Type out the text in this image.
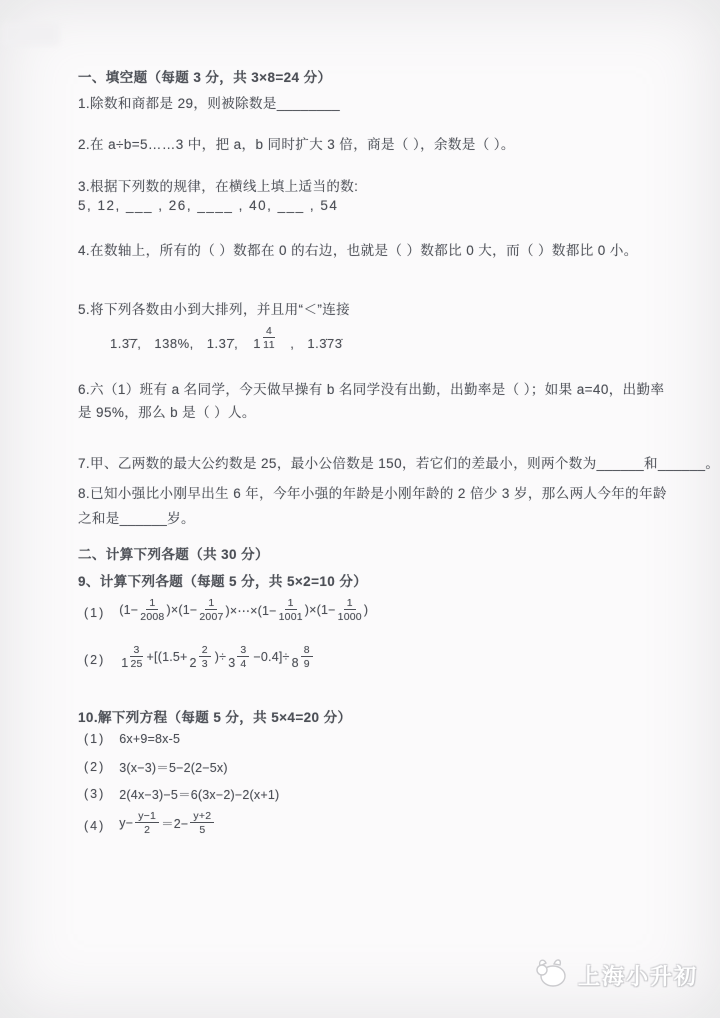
一、填空题（每题 3 分，共 3×8=24 分）
1.除数和商都是 29，则被除数是________
2.在 a÷b=5……3 中，把 a，b 同时扩大 3 倍，商是（ ），余数是（ ）。
3.根据下列数的规律，在横线上填上适当的数:
5, 12, ___ , 26, ____ , 40, ___ , 54
4.在数轴上，所有的（ ）数都在 0 的右边，也就是（ ）数都比 0 大，而（ ）数都比 0 小。
5.将下列各数由小到大排列，并且用“＜”连接
1.3̇7̇, 138%, 1.37̇, $1 \frac{4}{11}$ , 1.3̇73̇
6.六（1）班有 a 名同学，今天做早操有 b 名同学没有出勤，出勤率是（ ）；如果 a=40，出勤率
是 95%，那么 b 是（ ）人。
7.甲、乙两数的最大公约数是 25，最小公倍数是 150，若它们的差最小，则两个数为______和______。
8.已知小强比小刚早出生 6 年，今年小强的年龄是小刚年龄的 2 倍少 3 岁，那么两人今年的年龄
之和是______岁。
二、计算下列各题（共 30 分）
9、计算下列各题（每题 5 分，共 5×2=10 分）
(1) $(1- \frac{1}{2008} )\times(1- \frac{1}{2007}$ )×⋯×(1− $\frac{1}{1001} )\times(1- \frac{1}{1000}$ )
(2) $1 \frac{3}{25} +[(1.5+ 2 \frac{2}{3}$ )÷ $3 \frac{3}{4} -0.4]\div 8 \frac{8}{9}$
10.解下列方程（每题 5 分，共 5×4=20 分）
(1) 6x+9=8x-5
(2) 3(x−3)＝5−2(2−5x)
(3) 2(4x−3)−5＝6(3x−2)−2(x+1)
(4) $y- \frac{y-1}{2} =2- \frac{y+2}{5}$
上海小升初
